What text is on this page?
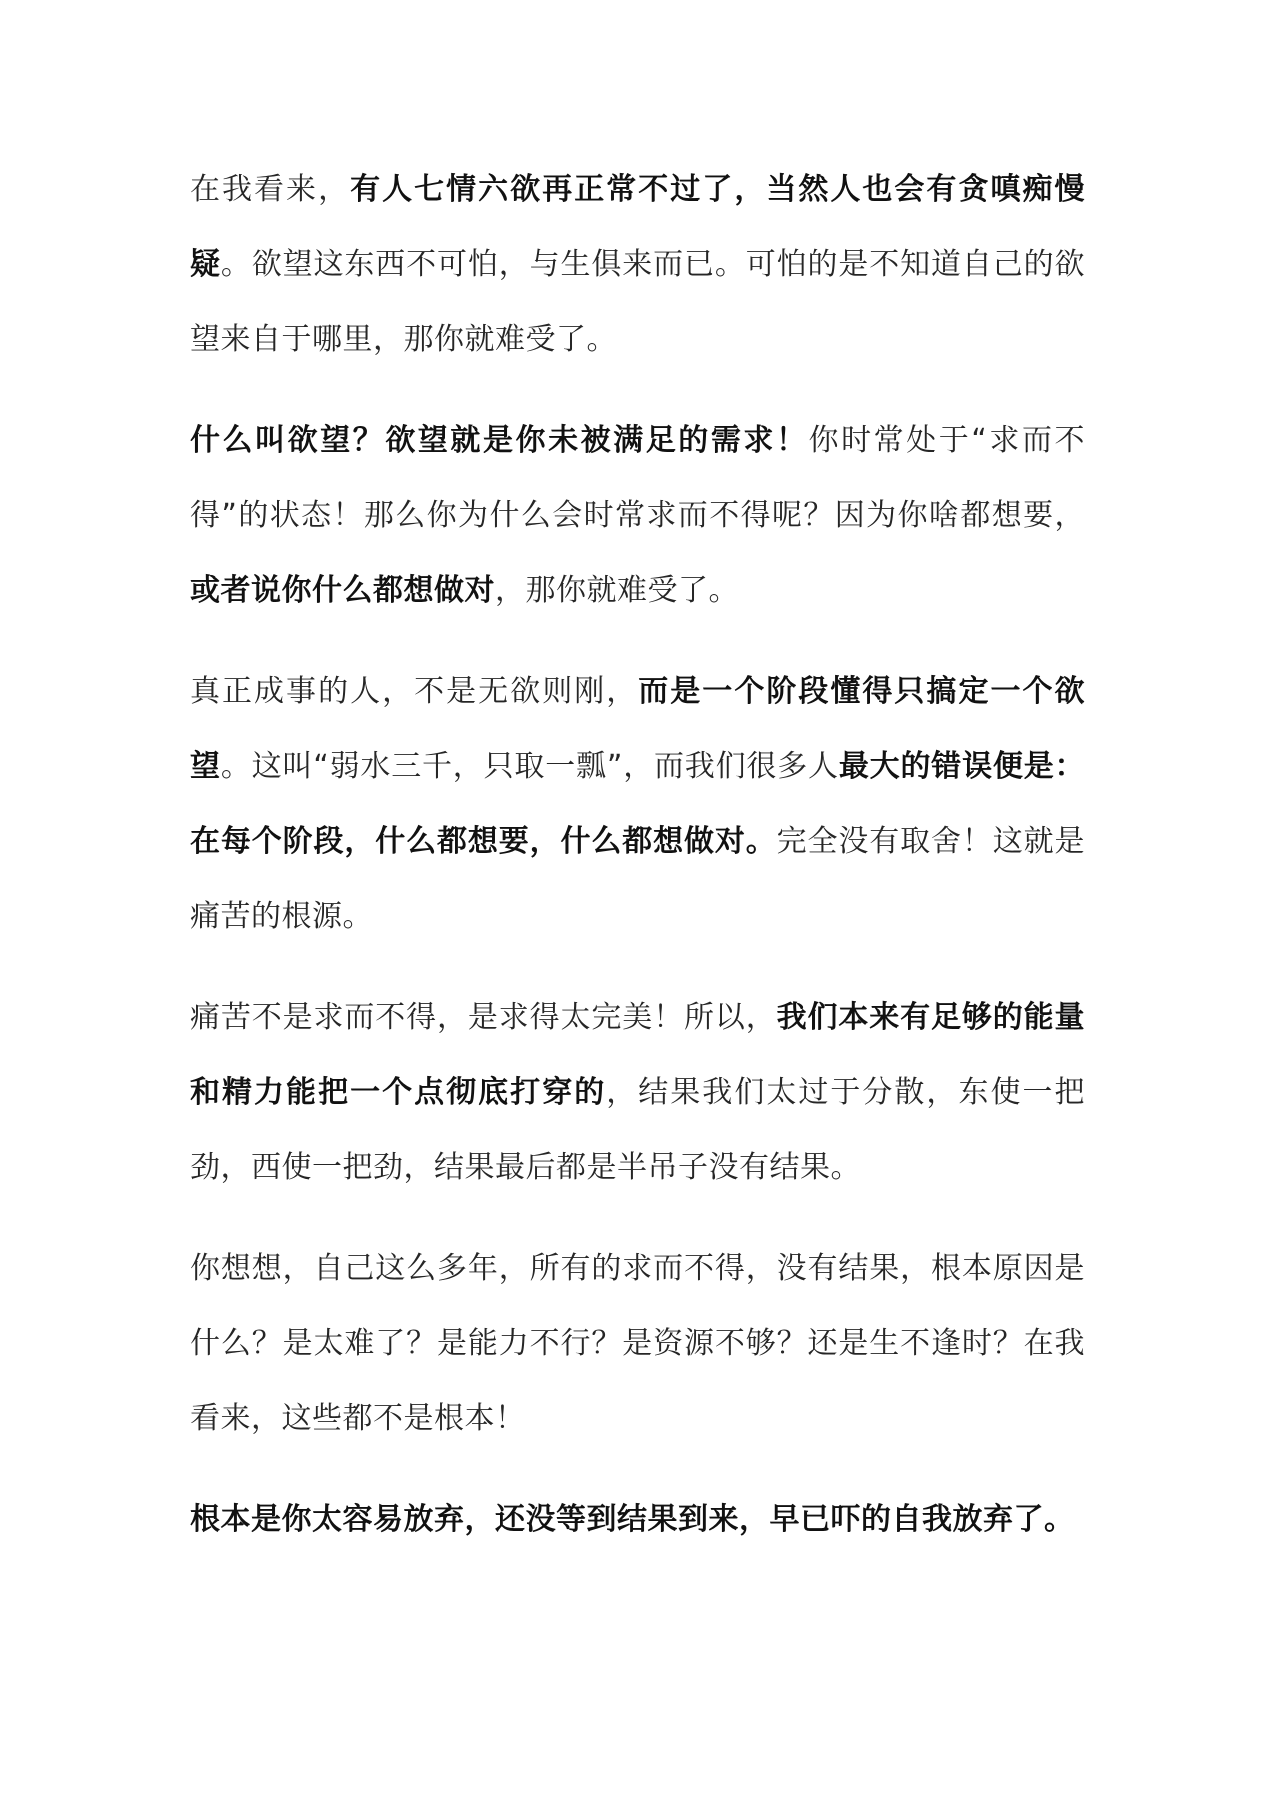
在我看来，有人七情六欲再正常不过了，当然人也会有贪嗔痴慢疑。欲望这东西不可怕，与生俱来而已。可怕的是不知道自己的欲望来自于哪里，那你就难受了。

什么叫欲望？欲望就是你未被满足的需求！你时常处于“求而不得”的状态！那么你为什么会时常求而不得呢？因为你啥都想要，或者说你什么都想做对，那你就难受了。

真正成事的人，不是无欲则刚，而是一个阶段懂得只搞定一个欲望。这叫“弱水三千，只取一瓢”，而我们很多人最大的错误便是：在每个阶段，什么都想要，什么都想做对。完全没有取舍！这就是痛苦的根源。

痛苦不是求而不得，是求得太完美！所以，我们本来有足够的能量和精力能把一个点彻底打穿的，结果我们太过于分散，东使一把劲，西使一把劲，结果最后都是半吊子没有结果。

你想想，自己这么多年，所有的求而不得，没有结果，根本原因是什么？是太难了？是能力不行？是资源不够？还是生不逢时？在我看来，这些都不是根本！

根本是你太容易放弃，还没等到结果到来，早已吓的自我放弃了。
